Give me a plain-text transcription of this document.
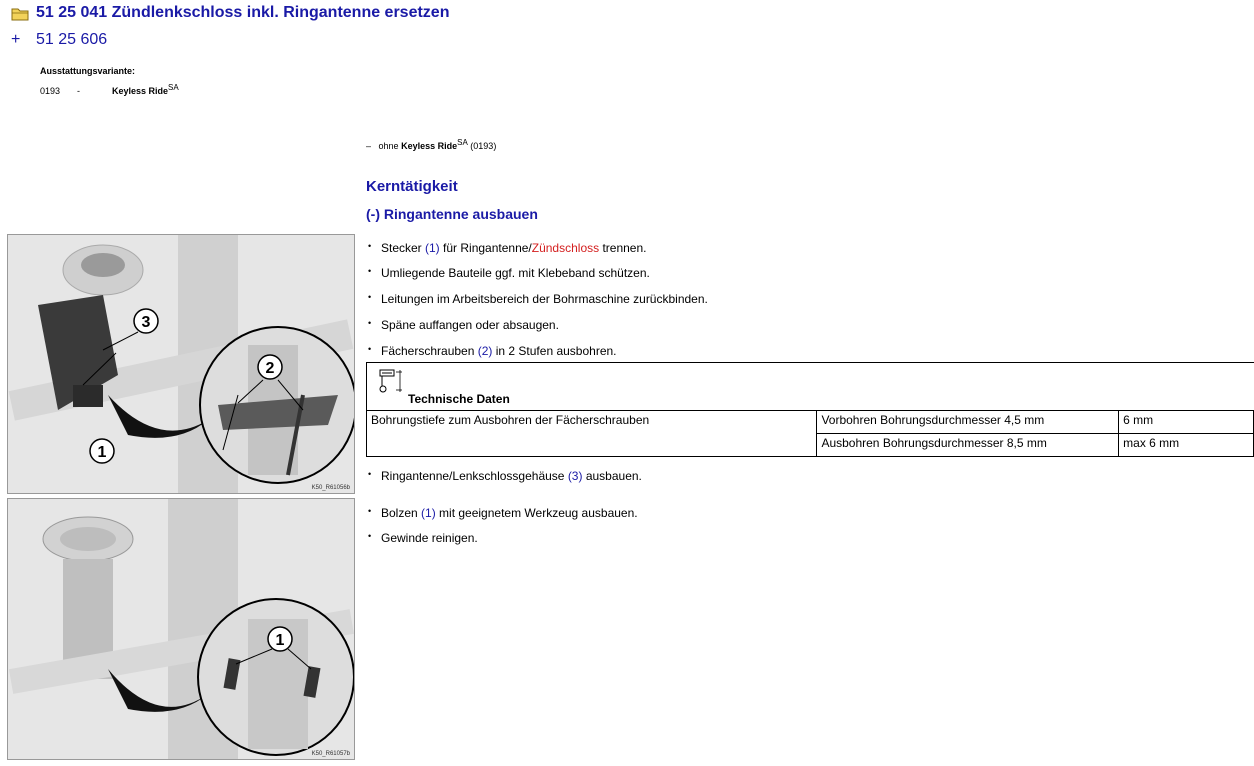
51 25 041 Zündlenkschloss inkl. Ringantenne ersetzen
+ 51 25 606
Ausstattungsvariante:
0193 -	Keyless RideSA
– ohne Keyless RideSA (0193)
Kerntätigkeit
(-) Ringantenne ausbauen
• Stecker (1) für Ringantenne/Zündschloss trennen.
• Umliegende Bauteile ggf. mit Klebeband schützen.
• Leitungen im Arbeitsbereich der Bohrmaschine zurückbinden.
• Späne auffangen oder absaugen.
• Fächerschrauben (2) in 2 Stufen ausbohren.
Technische Daten
Bohrungstiefe zum Ausbohren der Fächerschrauben	Vorbohren Bohrungsdurchmesser 4,5 mm	6 mm
	Ausbohren Bohrungsdurchmesser 8,5 mm	max 6 mm
• Ringantenne/Lenkschlossgehäuse (3) ausbauen.
• Bolzen (1) mit geeignetem Werkzeug ausbauen.
• Gewinde reinigen.
3
2
1
K50_R61056b
1
K50_R61057b
